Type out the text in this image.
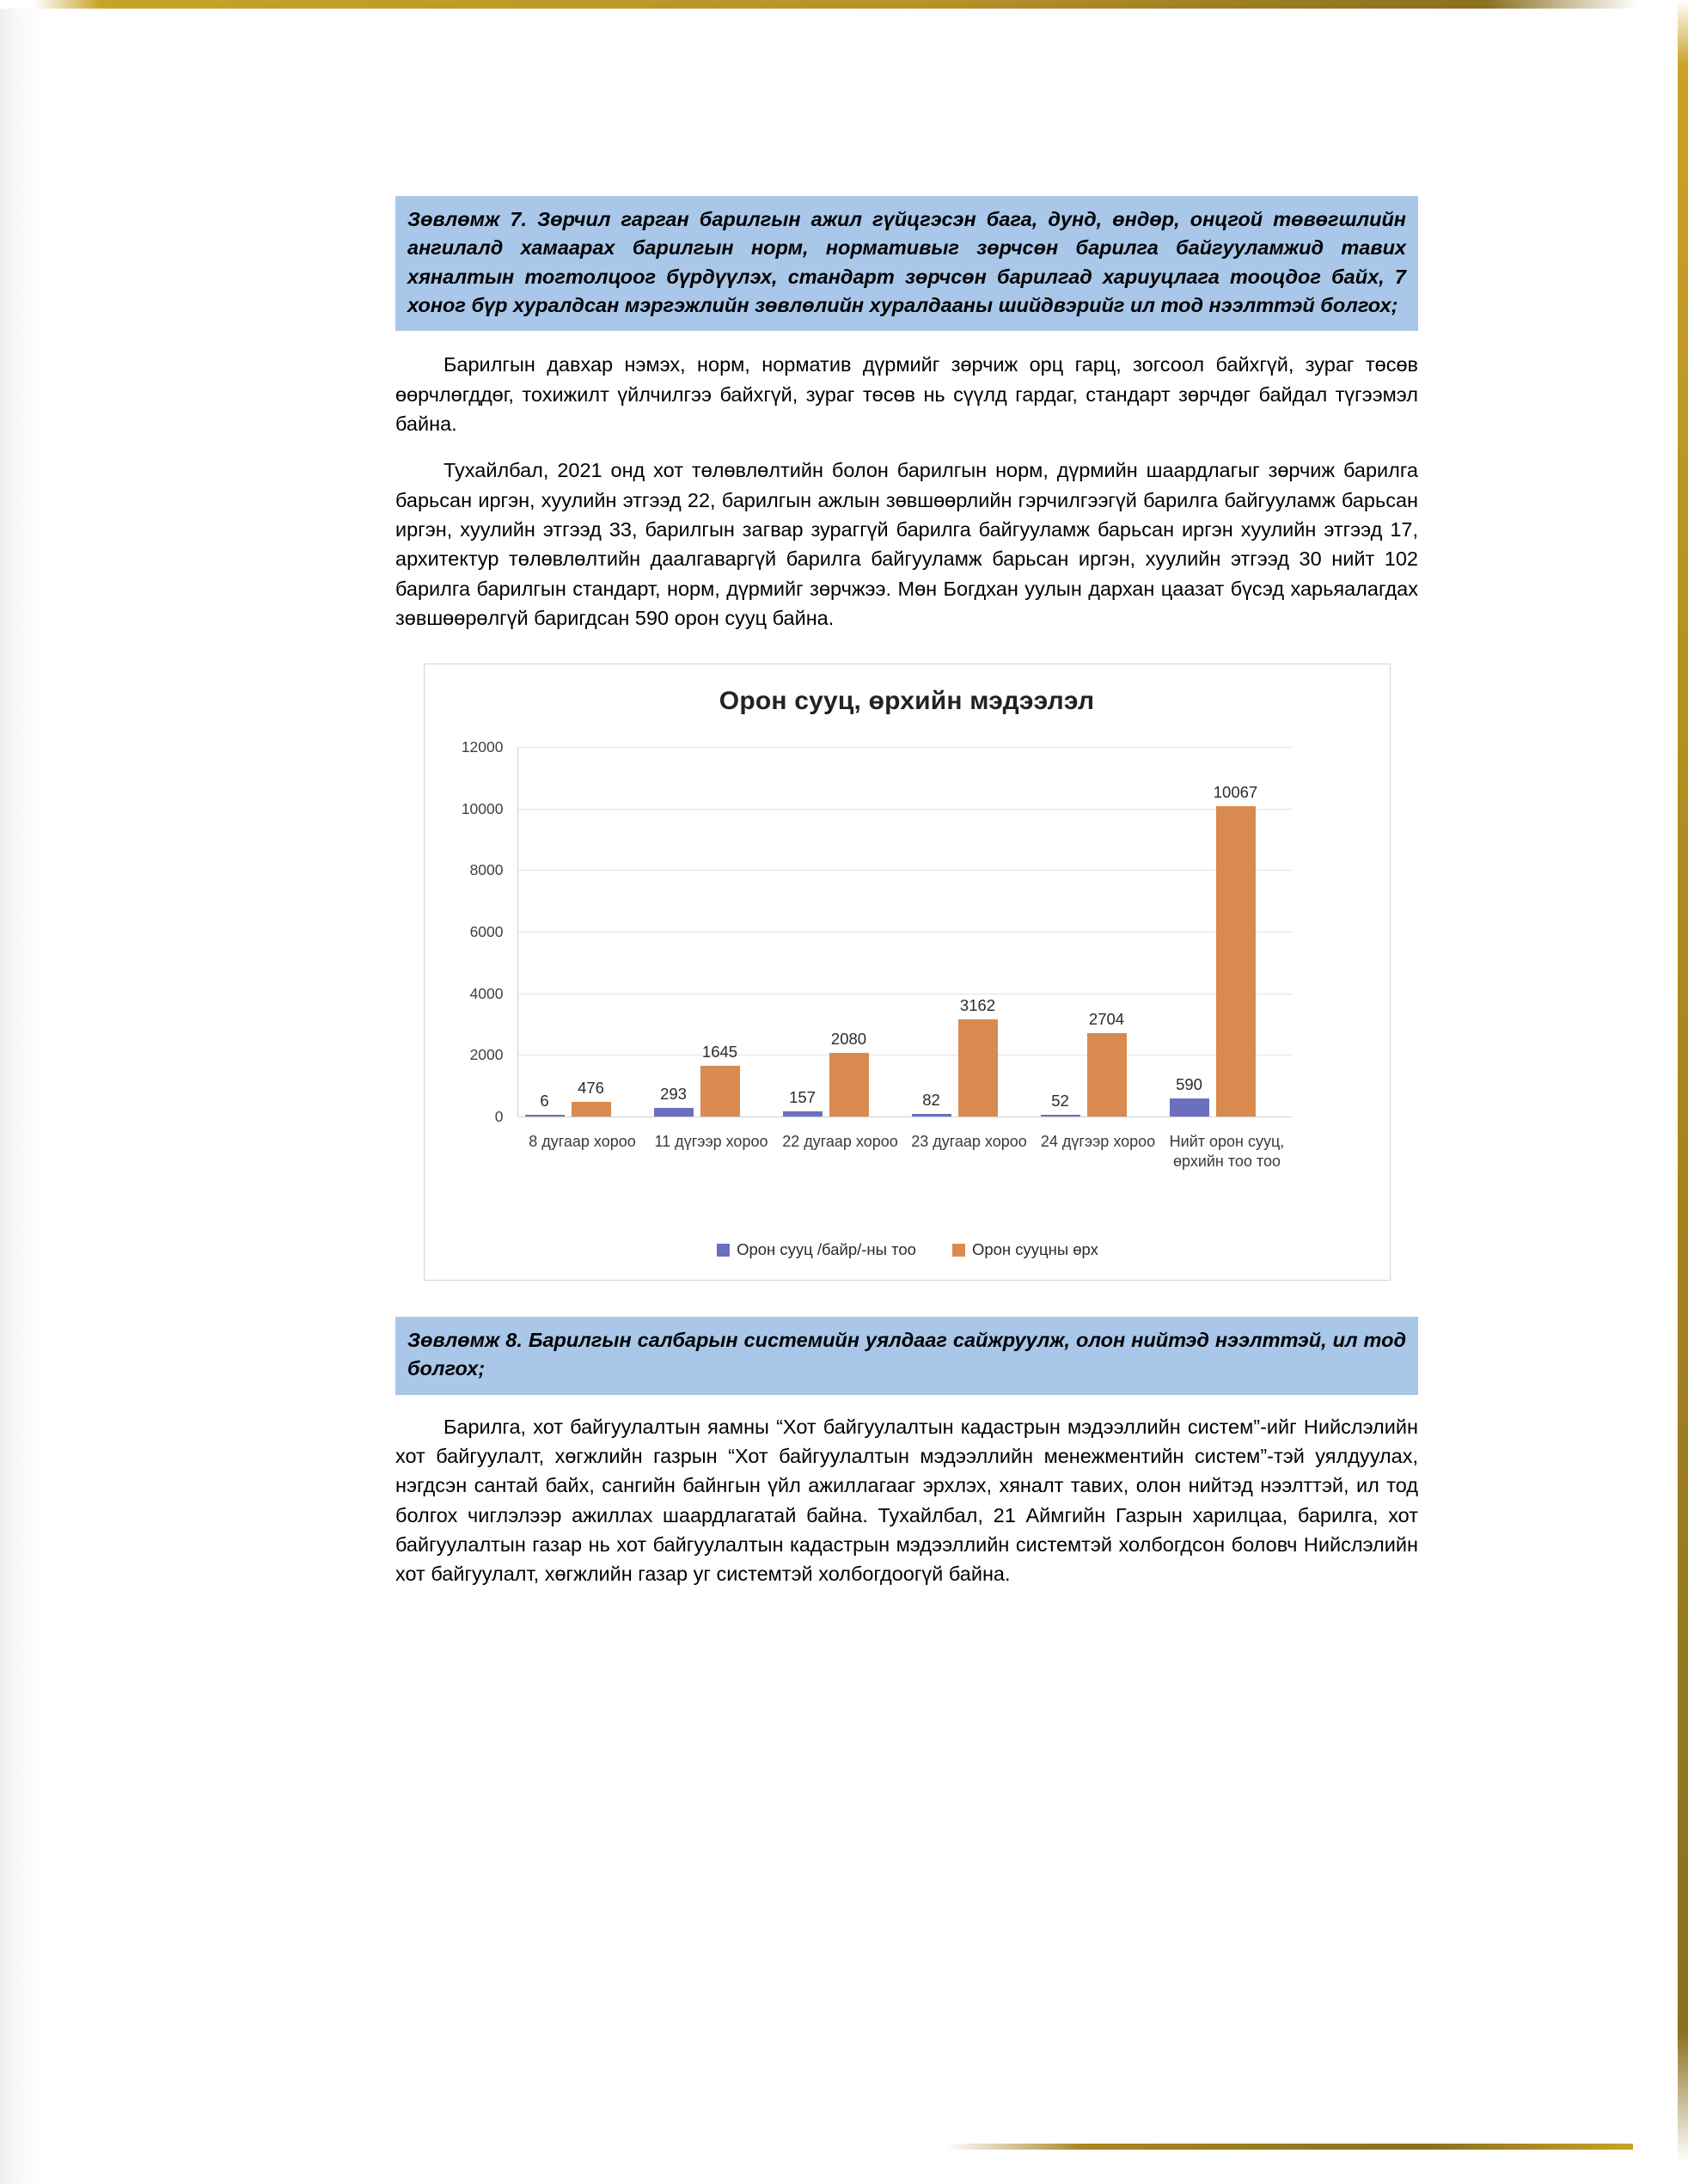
Зөвлөмж 7. Зөрчил гарган барилгын ажил гүйцгэсэн бага, дунд, өндөр, онцгой төвөгшлийн ангилалд хамаарах барилгын норм, нормативыг зөрчсөн барилга байгууламжид тавих хяналтын тогтолцоог бүрдүүлэх, стандарт зөрчсөн барилгад хариуцлага тооцдог байх, 7 хоног бүр хуралдсан мэргэжлийн зөвлөлийн хуралдааны шийдвэрийг ил тод нээлттэй болгох;

Барилгын давхар нэмэх, норм, норматив дүрмийг зөрчиж орц гарц, зогсоол байхгүй, зураг төсөв өөрчлөгддөг, тохижилт үйлчилгээ байхгүй, зураг төсөв нь сүүлд гардаг, стандарт зөрчдөг байдал түгээмэл байна.

Тухайлбал, 2021 онд хот төлөвлөлтийн болон барилгын норм, дүрмийн шаардлагыг зөрчиж барилга барьсан иргэн, хуулийн этгээд 22, барилгын ажлын зөвшөөрлийн гэрчилгээгүй барилга байгууламж барьсан иргэн, хуулийн этгээд 33, барилгын загвар зураггүй барилга байгууламж барьсан иргэн хуулийн этгээд 17, архитектур төлөвлөлтийн даалгаваргүй барилга байгууламж барьсан иргэн, хуулийн этгээд 30 нийт 102 барилга барилгын стандарт, норм, дүрмийг зөрчжээ. Мөн Богдхан уулын дархан цаазат бүсэд харьяалагдах зөвшөөрөлгүй баригдсан 590 орон сууц байна.

Орон сууц, өрхийн мэдээлэл
0
2000
4000
6000
8000
10000
12000
6
476
8 дугаар хороо
293
1645
11 дүгээр хороо
157
2080
22 дугаар хороо
82
3162
23 дугаар хороо
52
2704
24 дүгээр хороо
590
10067
Нийт орон сууц, өрхийн тоо тоо
Орон сууц /байр/-ны тоо	Орон сууцны өрх
Зөвлөмж 8. Барилгын салбарын системийн уялдааг сайжруулж, олон нийтэд нээлттэй, ил тод болгох;

Барилга, хот байгуулалтын яамны “Хот байгуулалтын кадастрын мэдээллийн систем”-ийг Нийслэлийн хот байгуулалт, хөгжлийн газрын “Хот байгуулалтын мэдээллийн менежментийн систем”-тэй уялдуулах, нэгдсэн сантай байх, сангийн байнгын үйл ажиллагааг эрхлэх, хяналт тавих, олон нийтэд нээлттэй, ил тод болгох чиглэлээр ажиллах шаардлагатай байна. Тухайлбал, 21 Аймгийн Газрын харилцаа, барилга, хот байгуулалтын газар нь хот байгуулалтын кадастрын мэдээллийн системтэй холбогдсон боловч Нийслэлийн хот байгуулалт, хөгжлийн газар уг системтэй холбогдоогүй байна.
